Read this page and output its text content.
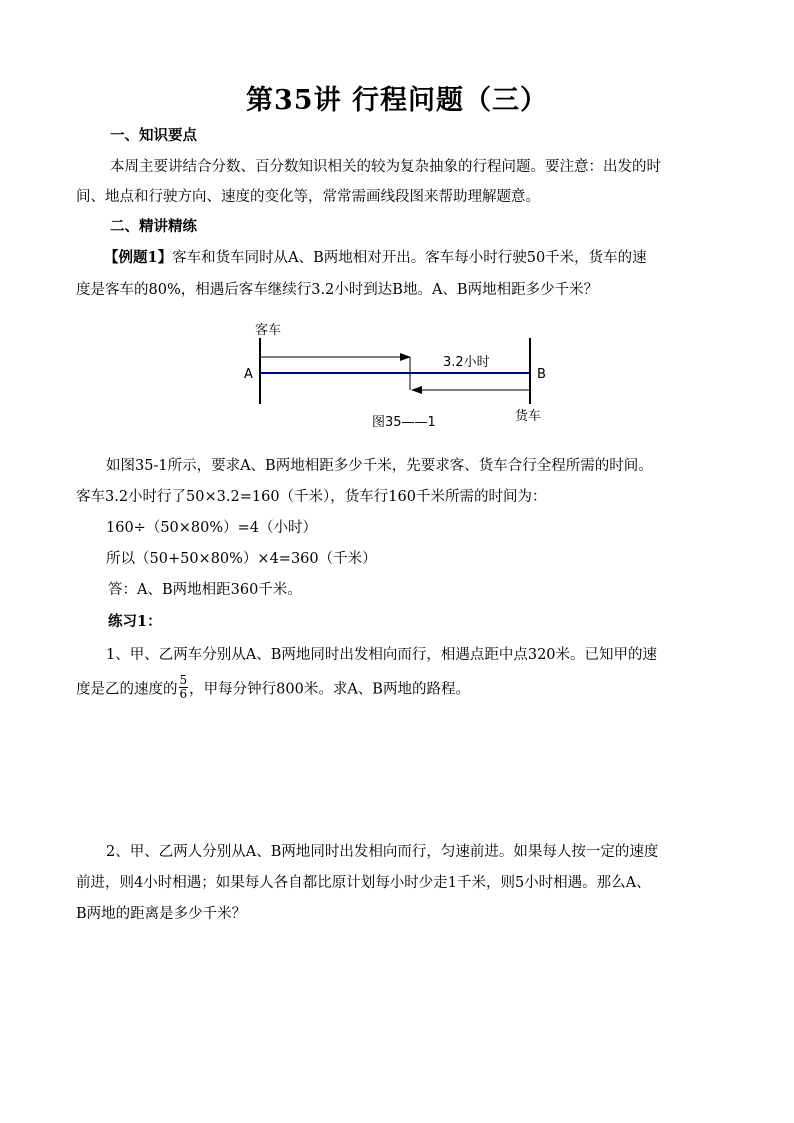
第35讲 行程问题（三）
一、知识要点
本周主要讲结合分数、百分数知识相关的较为复杂抽象的行程问题。要注意：出发的时
间、地点和行驶方向、速度的变化等，常常需画线段图来帮助理解题意。
二、精讲精练
【例题1】客车和货车同时从A、B两地相对开出。客车每小时行驶50千米，货车的速
度是客车的80%，相遇后客车继续行3.2小时到达B地。A、B两地相距多少千米？
客车
A	B
3.2小时
货车
图35——1
如图35-1所示，要求A、B两地相距多少千米，先要求客、货车合行全程所需的时间。
客车3.2小时行了50×3.2=160（千米），货车行160千米所需的时间为：
160÷（50×80%）=4（小时）
所以（50+50×80%）×4=360（千米）
答：A、B两地相距360千米。
练习1：
1、甲、乙两车分别从A、B两地同时出发相向而行，相遇点距中点320米。已知甲的速
度是乙的速度的 $\frac{5}{6}$ ，甲每分钟行800米。求A、B两地的路程。
2、甲、乙两人分别从A、B两地同时出发相向而行，匀速前进。如果每人按一定的速度
前进，则4小时相遇；如果每人各自都比原计划每小时少走1千米，则5小时相遇。那么A、
B两地的距离是多少千米？
